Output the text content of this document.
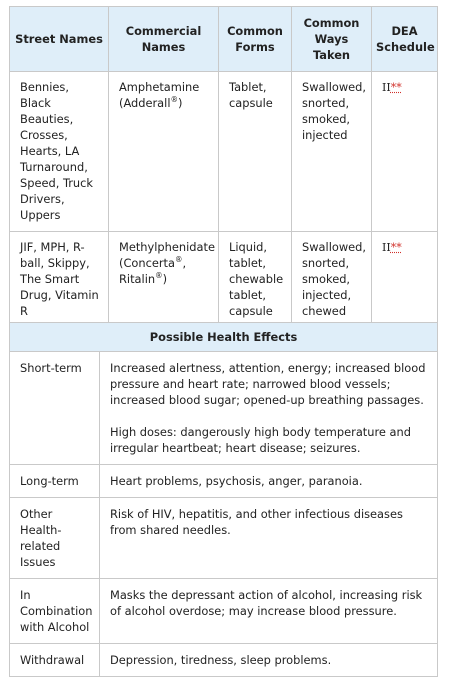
Street Names	Commercial Names	Common Forms	Common Ways Taken	DEA Schedule
Bennies, Black Beauties, Crosses, Hearts, LA Turnaround, Speed, Truck Drivers, Uppers	Amphetamine (Adderall®)	Tablet, capsule	Swallowed, snorted, smoked, injected	II**
JIF, MPH, R-ball, Skippy, The Smart Drug, Vitamin R	Methylphenidate (Concerta®, Ritalin®)	Liquid, tablet, chewable tablet, capsule	Swallowed, snorted, smoked, injected, chewed	II**
Possible Health Effects	
Short-term	Increased alertness, attention, energy; increased blood pressure and heart rate; narrowed blood vessels; increased blood sugar; opened-up breathing passages.
High doses: dangerously high body temperature and irregular heartbeat; heart disease; seizures.

Long-term	Heart problems, psychosis, anger, paranoia.
Other Health-related Issues	Risk of HIV, hepatitis, and other infectious diseases from shared needles.
In Combination with Alcohol	Masks the depressant action of alcohol, increasing risk of alcohol overdose; may increase blood pressure.
Withdrawal	Depression, tiredness, sleep problems.
